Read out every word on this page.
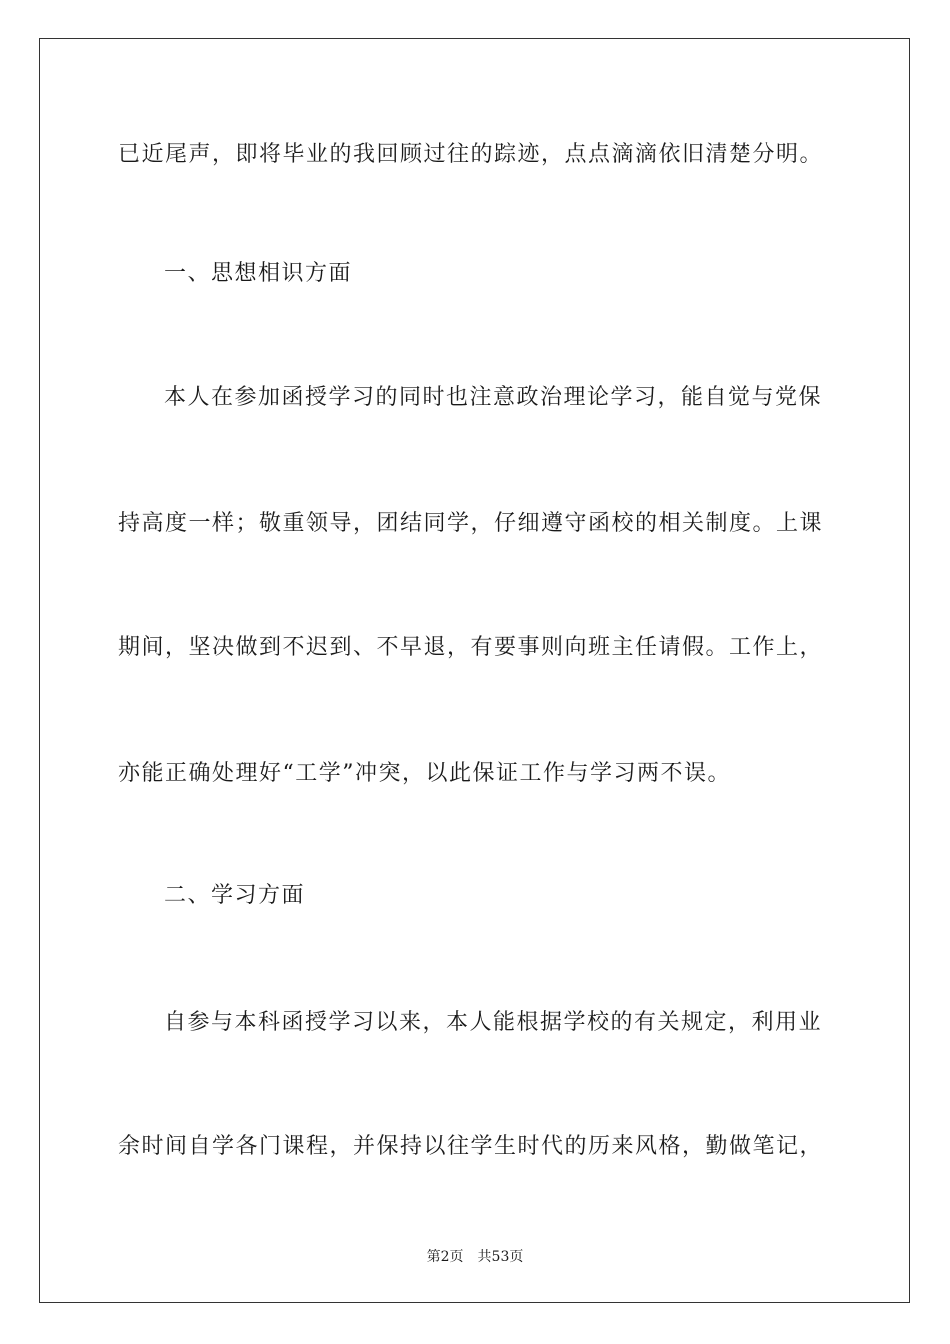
已近尾声，即将毕业的我回顾过往的踪迹，点点滴滴依旧清楚分明。

一、思想相识方面

本人在参加函授学习的同时也注意政治理论学习，能自觉与党保

持高度一样；敬重领导，团结同学，仔细遵守函校的相关制度。上课

期间，坚决做到不迟到、不早退，有要事则向班主任请假。工作上，

亦能正确处理好“工学”冲突，以此保证工作与学习两不误。

二、学习方面

自参与本科函授学习以来，本人能根据学校的有关规定，利用业

余时间自学各门课程，并保持以往学生时代的历来风格，勤做笔记，

第2页 共53页
